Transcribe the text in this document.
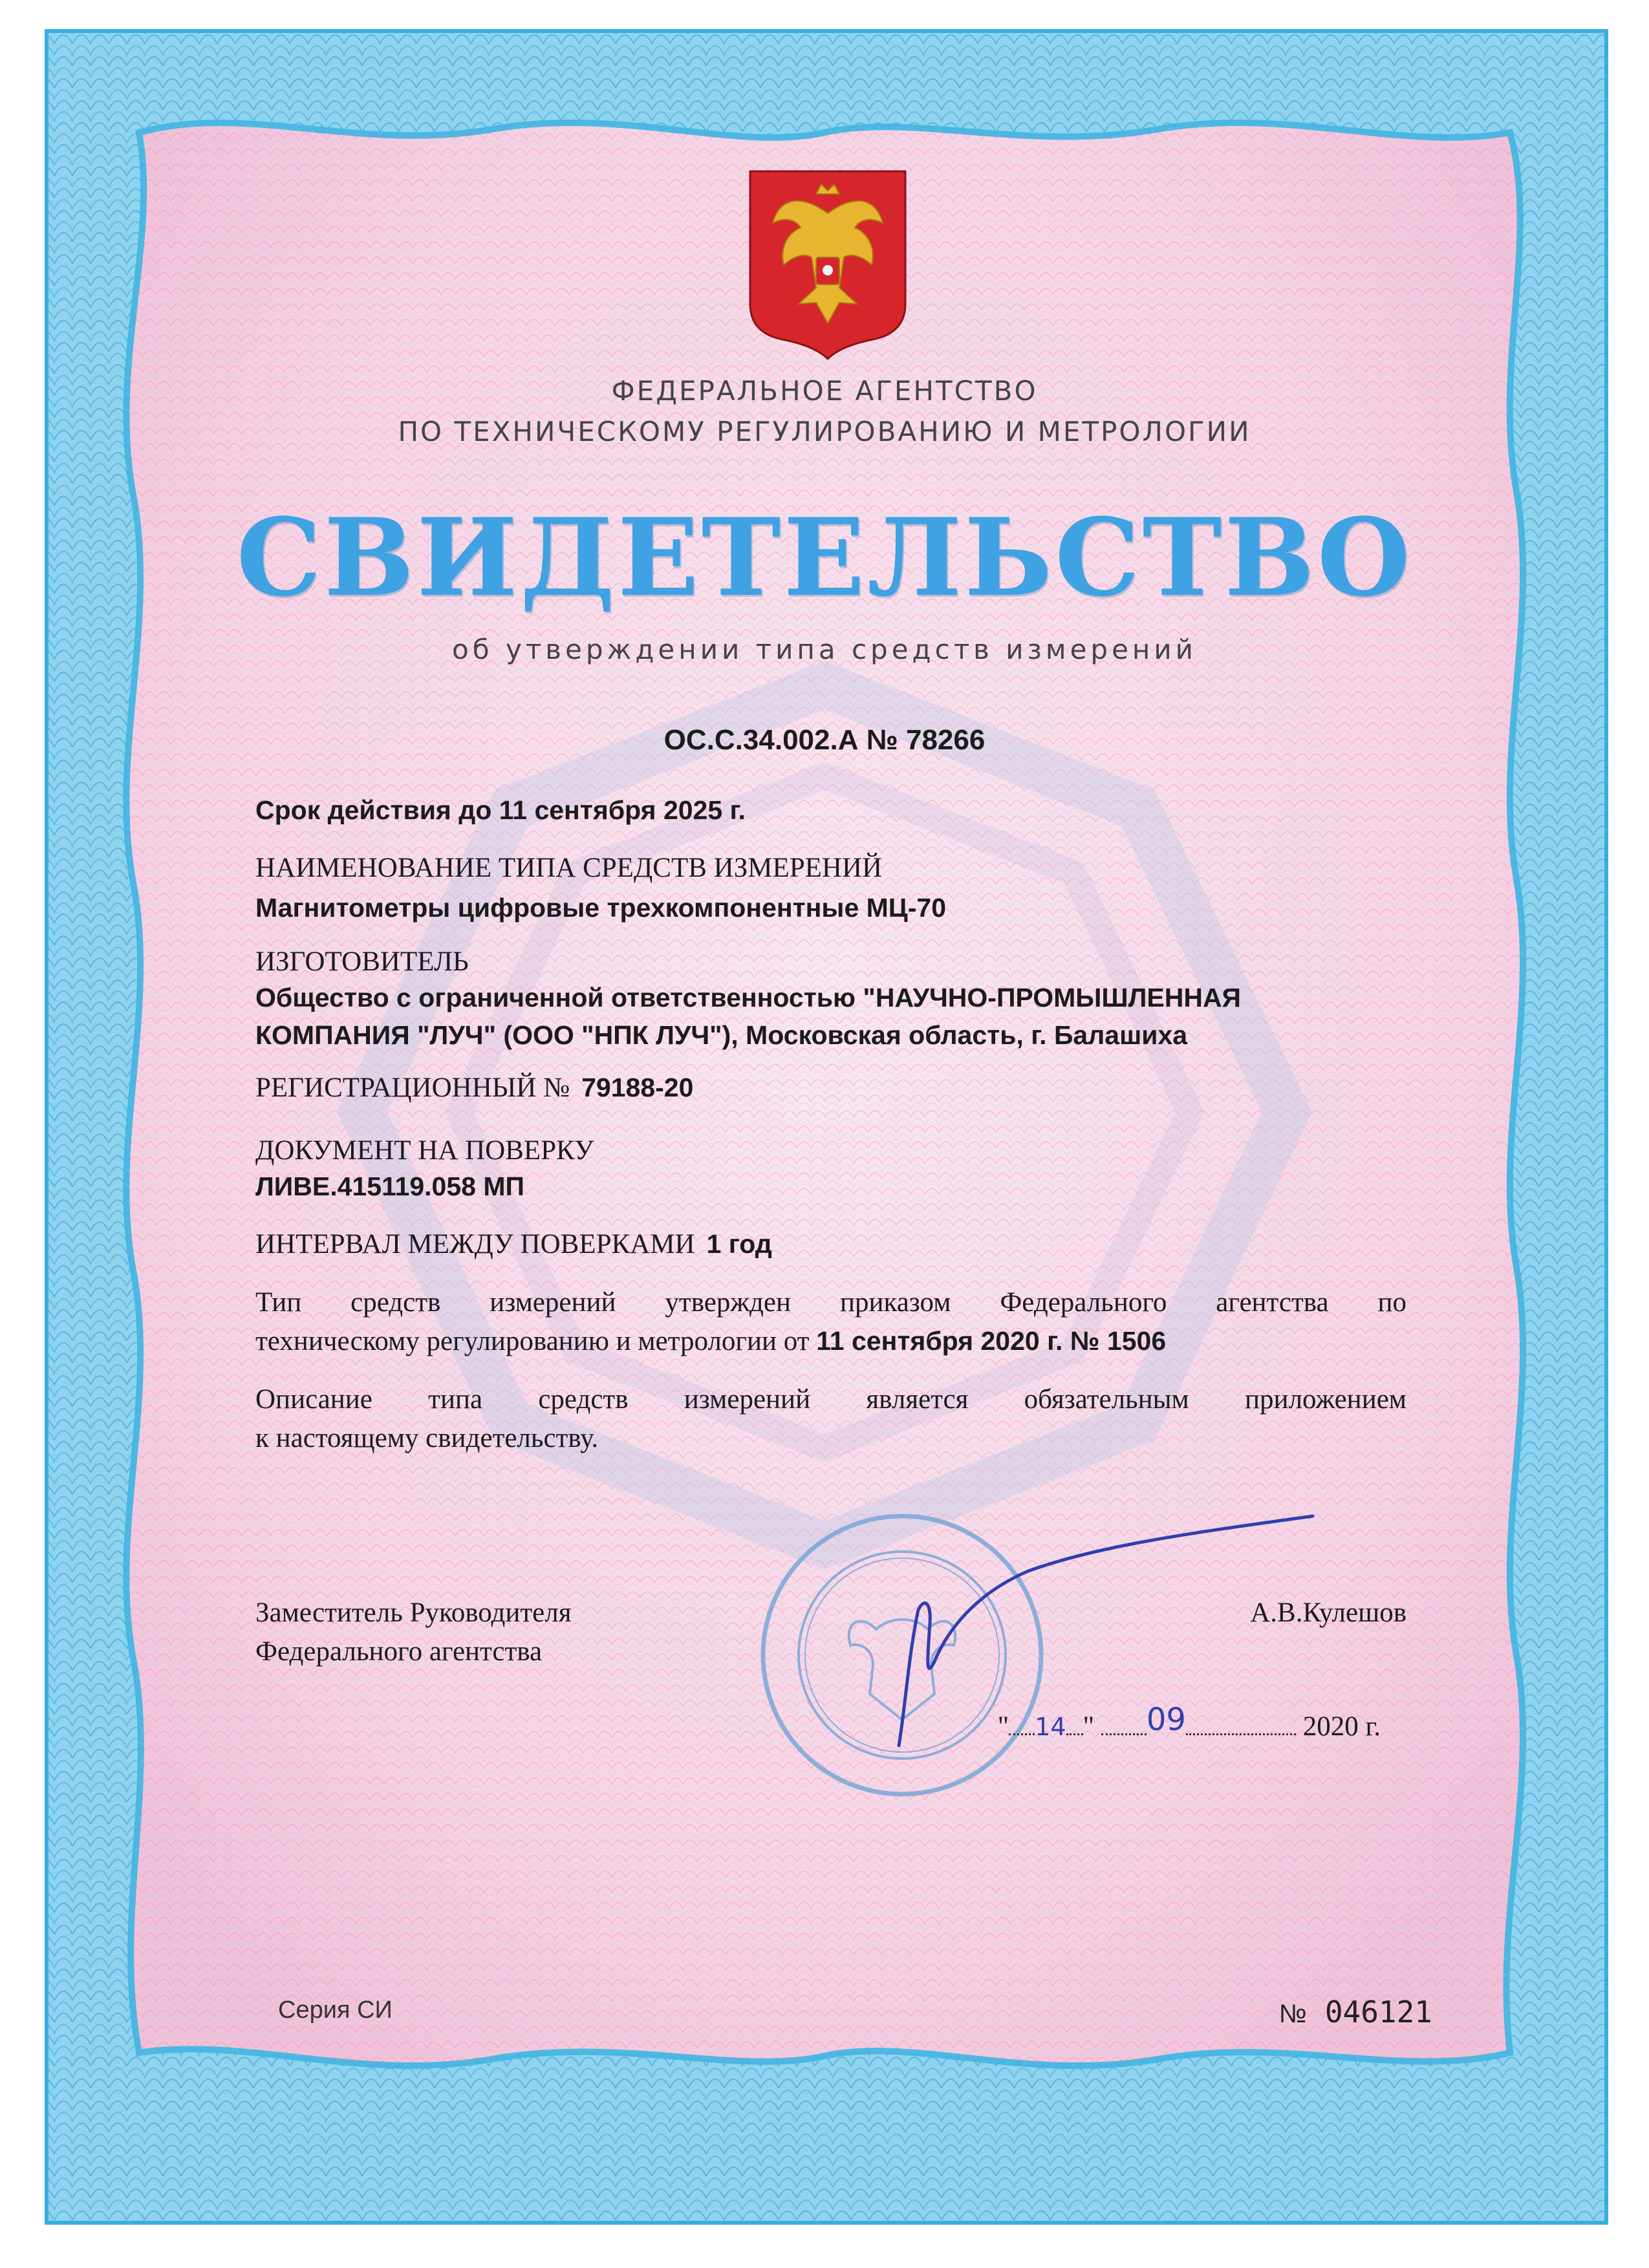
ФЕДЕРАЛЬНОЕ АГЕНТСТВО
ПО ТЕХНИЧЕСКОМУ РЕГУЛИРОВАНИЮ И МЕТРОЛОГИИ
СВИДЕТЕЛЬСТВО
об утверждении типа средств измерений
ОС.С.34.002.А № 78266
Срок действия до 11 сентября 2025 г.
НАИМЕНОВАНИЕ ТИПА СРЕДСТВ ИЗМЕРЕНИЙ
Магнитометры цифровые трехкомпонентные МЦ-70
ИЗГОТОВИТЕЛЬ
Общество с ограниченной ответственностью "НАУЧНО-ПРОМЫШЛЕННАЯ
КОМПАНИЯ "ЛУЧ" (ООО "НПК ЛУЧ"), Московская область, г. Балашиха
РЕГИСТРАЦИОННЫЙ № 79188-20
ДОКУМЕНТ НА ПОВЕРКУ
ЛИВЕ.415119.058 МП
ИНТЕРВАЛ МЕЖДУ ПОВЕРКАМИ 1 год
Тип средств измерений утвержден приказом Федерального агентства по
техническому регулированию и метрологии от 11 сентября 2020 г. № 1506
Описание типа средств измерений является обязательным приложением
к настоящему свидетельству.
Заместитель Руководителя
Федерального агентства
А.В.Кулешов
" 14 " 09	2020 г.
Серия СИ	№ 046121
